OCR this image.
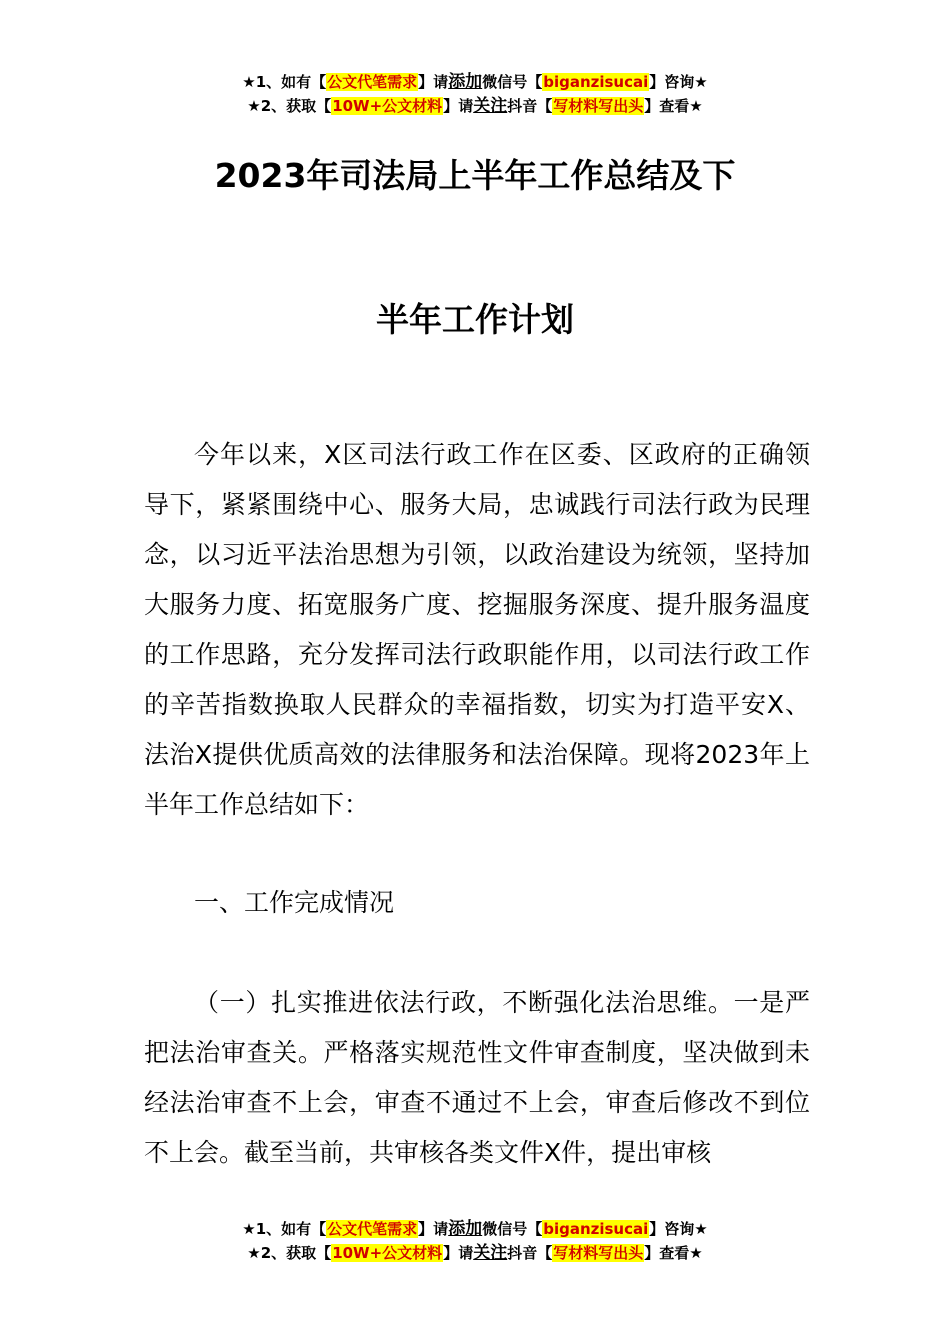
★1、如有【公文代笔需求】请添加微信号【biganzisucai】咨询★
★2、获取【10W+公文材料】请关注抖音【写材料写出头】查看★
2023年司法局上半年工作总结及下
半年工作计划

今年以来，X区司法行政工作在区委、区政府的正确领导下，紧紧围绕中心、服务大局，忠诚践行司法行政为民理念，以习近平法治思想为引领，以政治建设为统领，坚持加大服务力度、拓宽服务广度、挖掘服务深度、提升服务温度的工作思路，充分发挥司法行政职能作用，以司法行政工作的辛苦指数换取人民群众的幸福指数，切实为打造平安X、法治X提供优质高效的法律服务和法治保障。现将2023年上半年工作总结如下：

一、工作完成情况

（一）扎实推进依法行政，不断强化法治思维。一是严把法治审查关。严格落实规范性文件审查制度，坚决做到未经法治审查不上会，审查不通过不上会，审查后修改不到位不上会。截至当前，共审核各类文件X件，提出审核

★1、如有【公文代笔需求】请添加微信号【biganzisucai】咨询★
★2、获取【10W+公文材料】请关注抖音【写材料写出头】查看★
